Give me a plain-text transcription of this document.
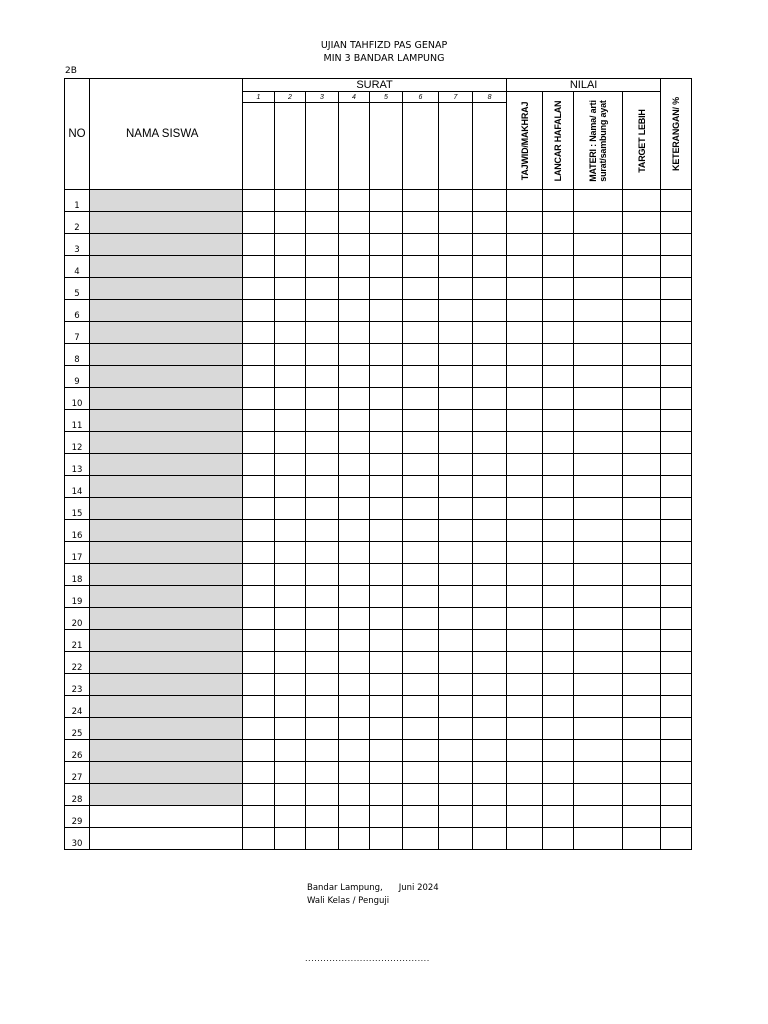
UJIAN TAHFIZD PAS GENAP
MIN 3 BANDAR LAMPUNG
2B
NO	NAMA SISWA	SURAT								NILAI				KETERANGAN/ %

		1	2	3	4	5	6	7	8	TAJWID/MAKHRAJ	LANCAR HAFALAN	MATERI : Nama/ arti surat/sambung ayat	TARGET LEBIH	

1														
2														
3														
4														
5														
6														
7														
8														
9														
10														
11														
12														
13														
14														
15														
16														
17														
18														
19														
20														
21														
22														
23														
24														
25														
26														
27														
28														
29														
30														
Bandar Lampung, Juni 2024
Wali Kelas / Penguji
.........................................
